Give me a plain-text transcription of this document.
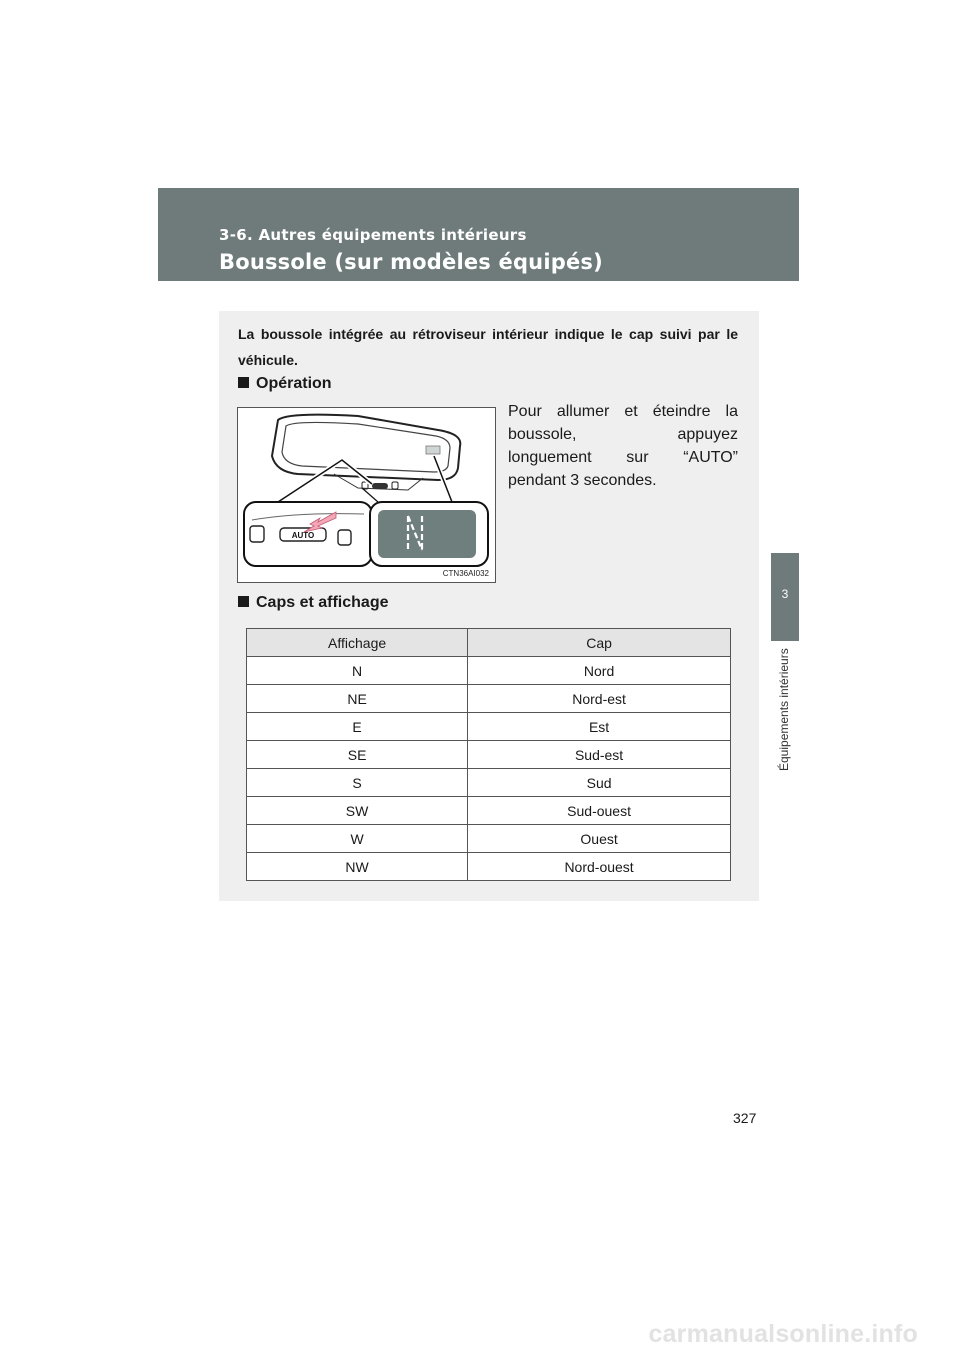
3-6. Autres équipements intérieurs
Boussole (sur modèles équipés)
3
Équipements intérieurs
La boussole intégrée au rétroviseur intérieur indique le cap suivi par le véhicule.
Opération
AUTO
CTN36AI032
Pour allumer et éteindre la
boussole, appuyez
longuement sur “AUTO”
pendant 3 secondes.
Caps et affichage
Affichage	Cap
N	Nord
NE	Nord-est
E	Est
SE	Sud-est
S	Sud
SW	Sud-ouest
W	Ouest
NW	Nord-ouest
327
carmanualsonline.info
